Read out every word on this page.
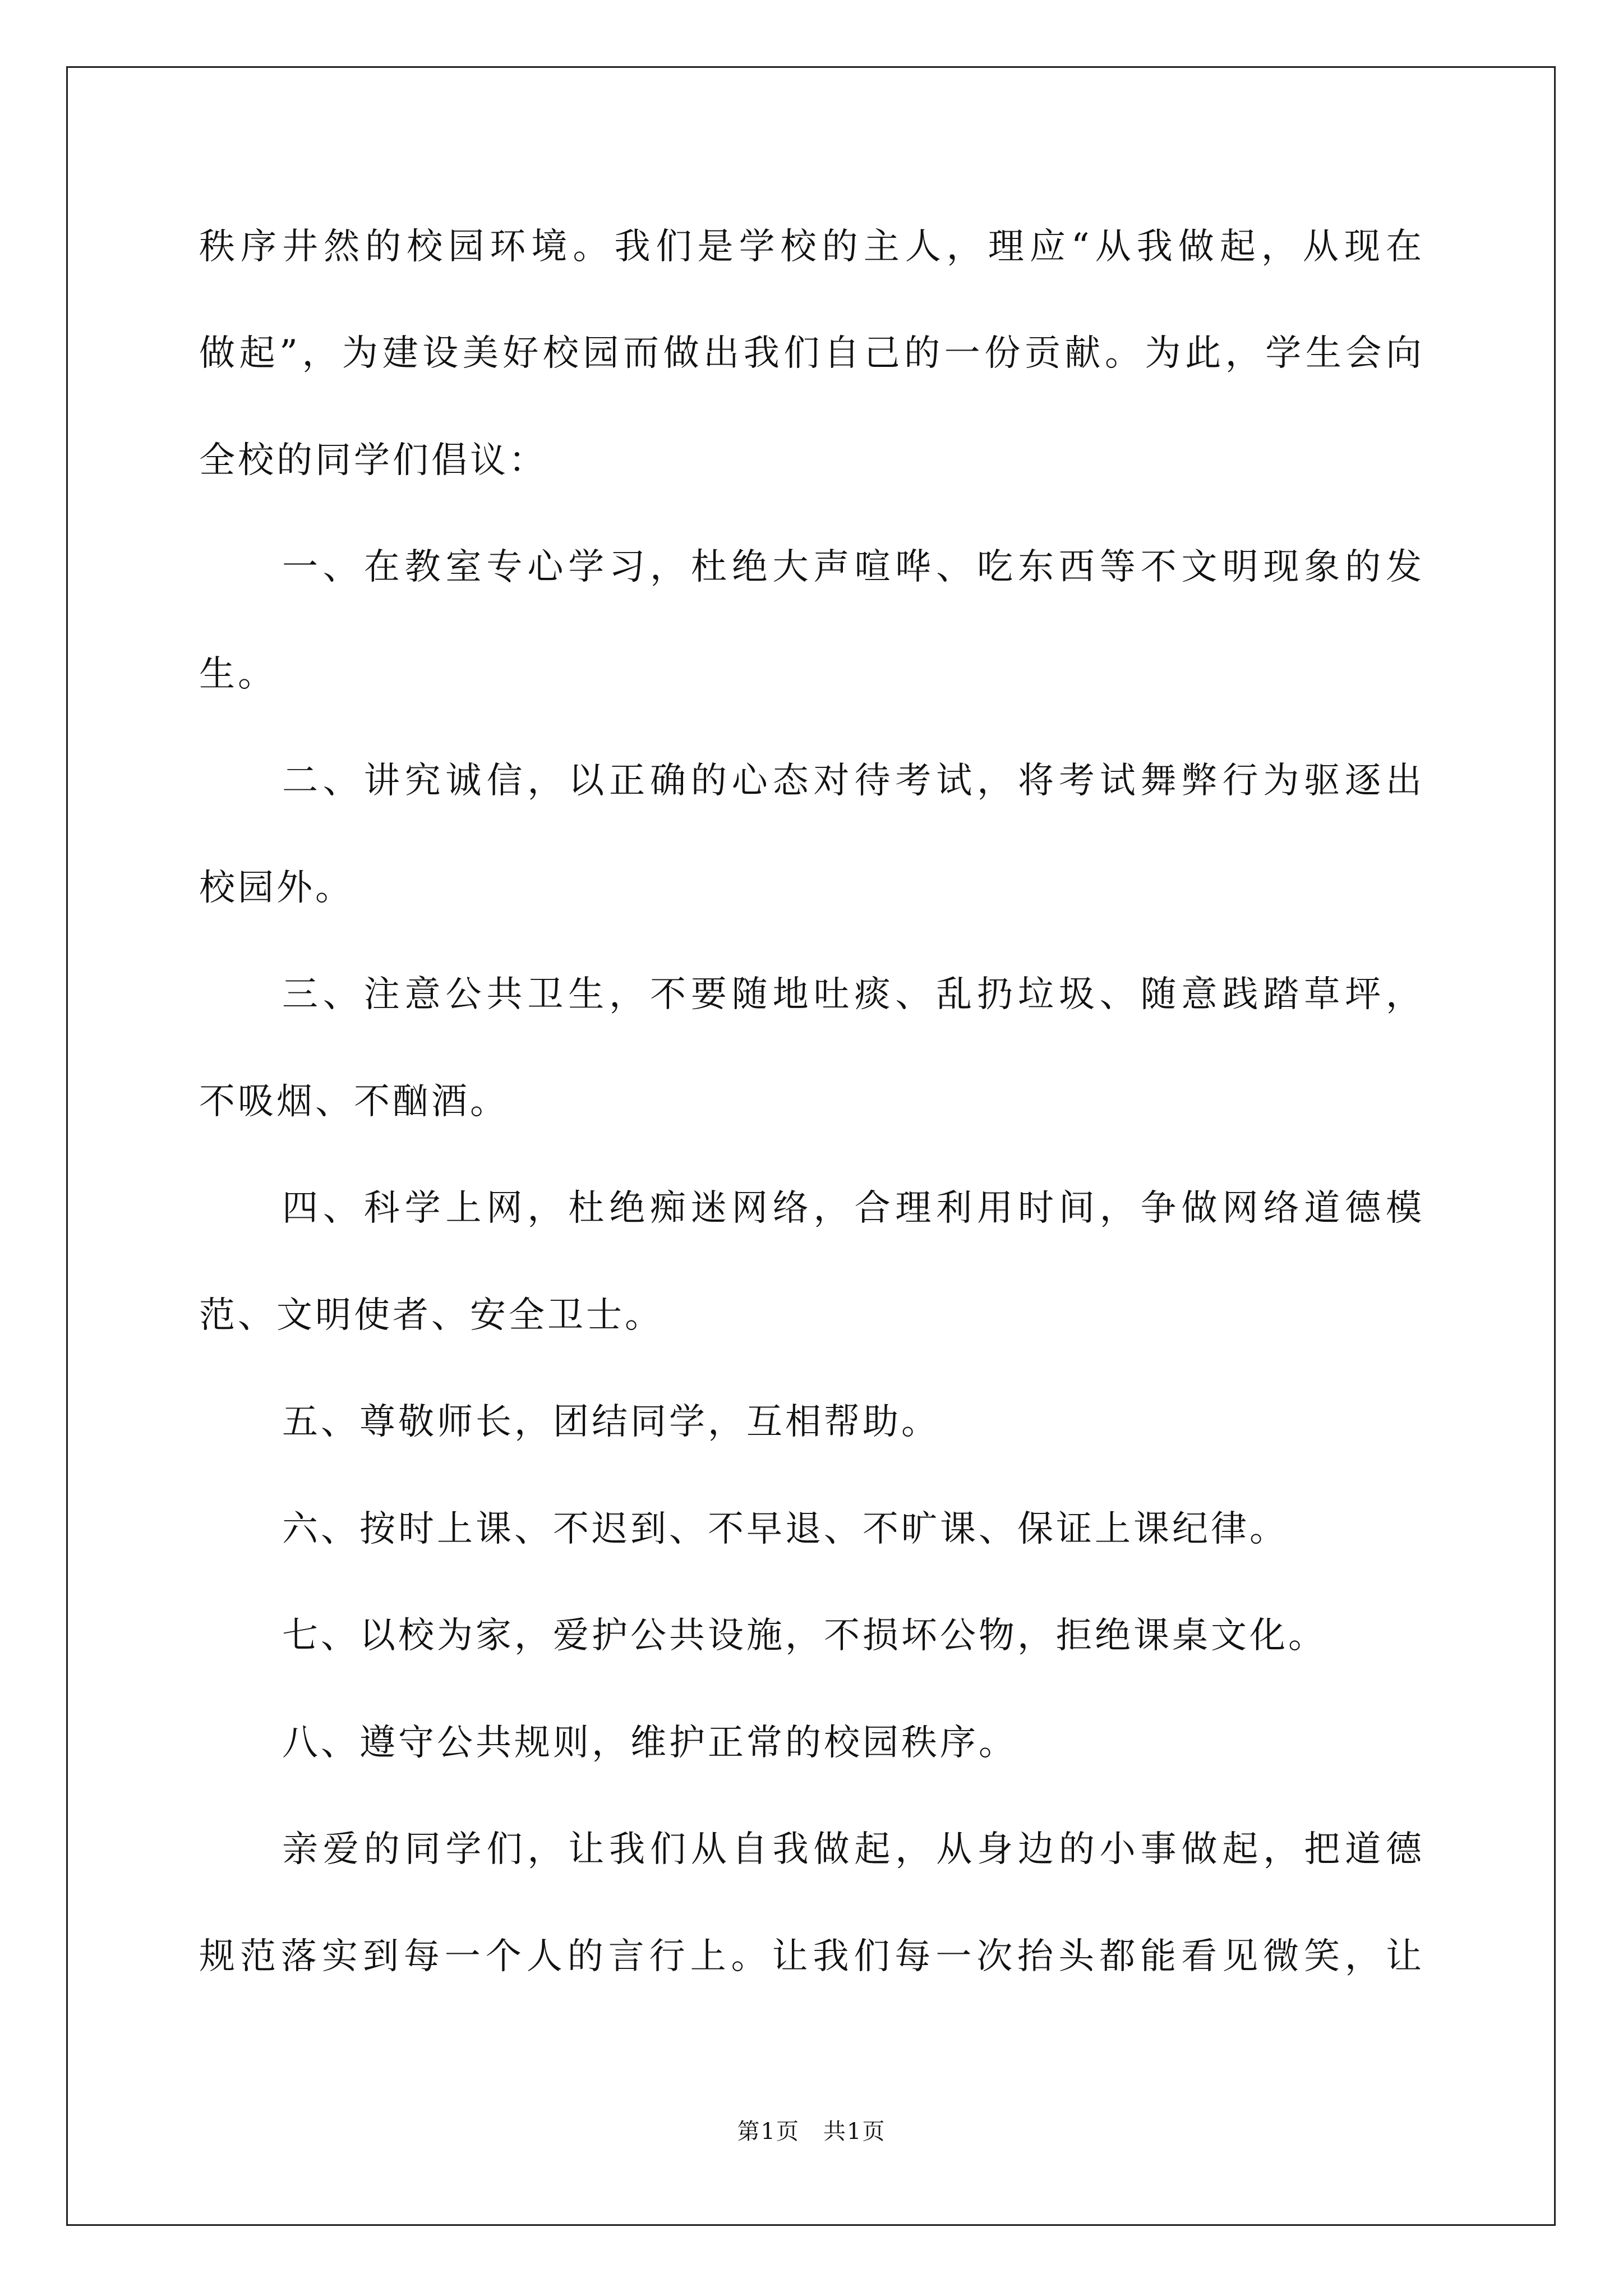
秩序井然的校园环境。我们是学校的主人，理应“从我做起，从现在
做起”，为建设美好校园而做出我们自己的一份贡献。为此，学生会向
全校的同学们倡议：
一、在教室专心学习，杜绝大声喧哗、吃东西等不文明现象的发
生。
二、讲究诚信，以正确的心态对待考试，将考试舞弊行为驱逐出
校园外。
三、注意公共卫生，不要随地吐痰、乱扔垃圾、随意践踏草坪，
不吸烟、不酗酒。
四、科学上网，杜绝痴迷网络，合理利用时间，争做网络道德模
范、文明使者、安全卫士。
五、尊敬师长，团结同学，互相帮助。
六、按时上课、不迟到、不早退、不旷课、保证上课纪律。
七、以校为家，爱护公共设施，不损坏公物，拒绝课桌文化。
八、遵守公共规则，维护正常的校园秩序。
亲爱的同学们，让我们从自我做起，从身边的小事做起，把道德
规范落实到每一个人的言行上。让我们每一次抬头都能看见微笑，让
第1页　共1页
